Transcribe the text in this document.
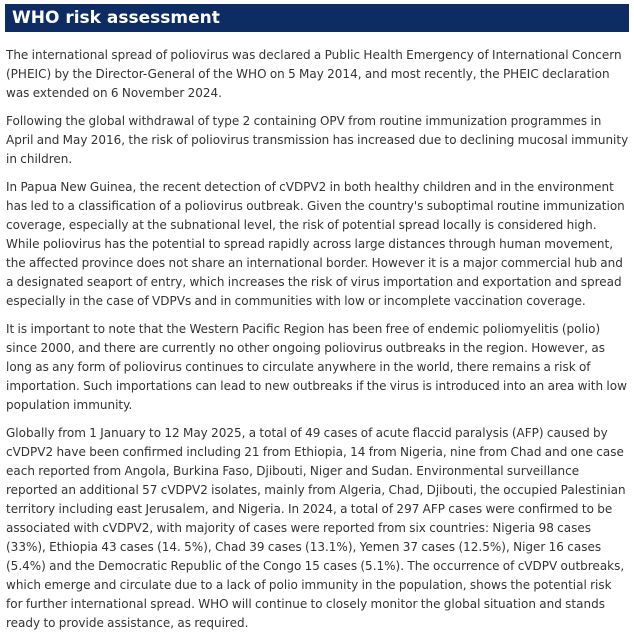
WHO risk assessment

The international spread of poliovirus was declared a Public Health Emergency of International Concern (PHEIC) by the Director-General of the WHO on 5 May 2014, and most recently, the PHEIC declaration was extended on 6 November 2024.

Following the global withdrawal of type 2 containing OPV from routine immunization programmes in April and May 2016, the risk of poliovirus transmission has increased due to declining mucosal immunity in children.

In Papua New Guinea, the recent detection of cVDPV2 in both healthy children and in the environment has led to a classification of a poliovirus outbreak. Given the country's suboptimal routine immunization coverage, especially at the subnational level, the risk of potential spread locally is considered high. While poliovirus has the potential to spread rapidly across large distances through human movement, the affected province does not share an international border. However it is a major commercial hub and a designated seaport of entry, which increases the risk of virus importation and exportation and spread especially in the case of VDPVs and in communities with low or incomplete vaccination coverage.

It is important to note that the Western Pacific Region has been free of endemic poliomyelitis (polio) since 2000, and there are currently no other ongoing poliovirus outbreaks in the region. However, as long as any form of poliovirus continues to circulate anywhere in the world, there remains a risk of importation. Such importations can lead to new outbreaks if the virus is introduced into an area with low population immunity.

Globally from 1 January to 12 May 2025, a total of 49 cases of acute flaccid paralysis (AFP) caused by cVDPV2 have been confirmed including 21 from Ethiopia, 14 from Nigeria, nine from Chad and one case each reported from Angola, Burkina Faso, Djibouti, Niger and Sudan. Environmental surveillance reported an additional 57 cVDPV2 isolates, mainly from Algeria, Chad, Djibouti, the occupied Palestinian territory including east Jerusalem, and Nigeria. In 2024, a total of 297 AFP cases were confirmed to be associated with cVDPV2, with majority of cases were reported from six countries: Nigeria 98 cases (33%), Ethiopia 43 cases (14. 5%), Chad 39 cases (13.1%), Yemen 37 cases (12.5%), Niger 16 cases (5.4%) and the Democratic Republic of the Congo 15 cases (5.1%). The occurrence of cVDPV outbreaks, which emerge and circulate due to a lack of polio immunity in the population, shows the potential risk for further international spread. WHO will continue to closely monitor the global situation and stands ready to provide assistance, as required.
